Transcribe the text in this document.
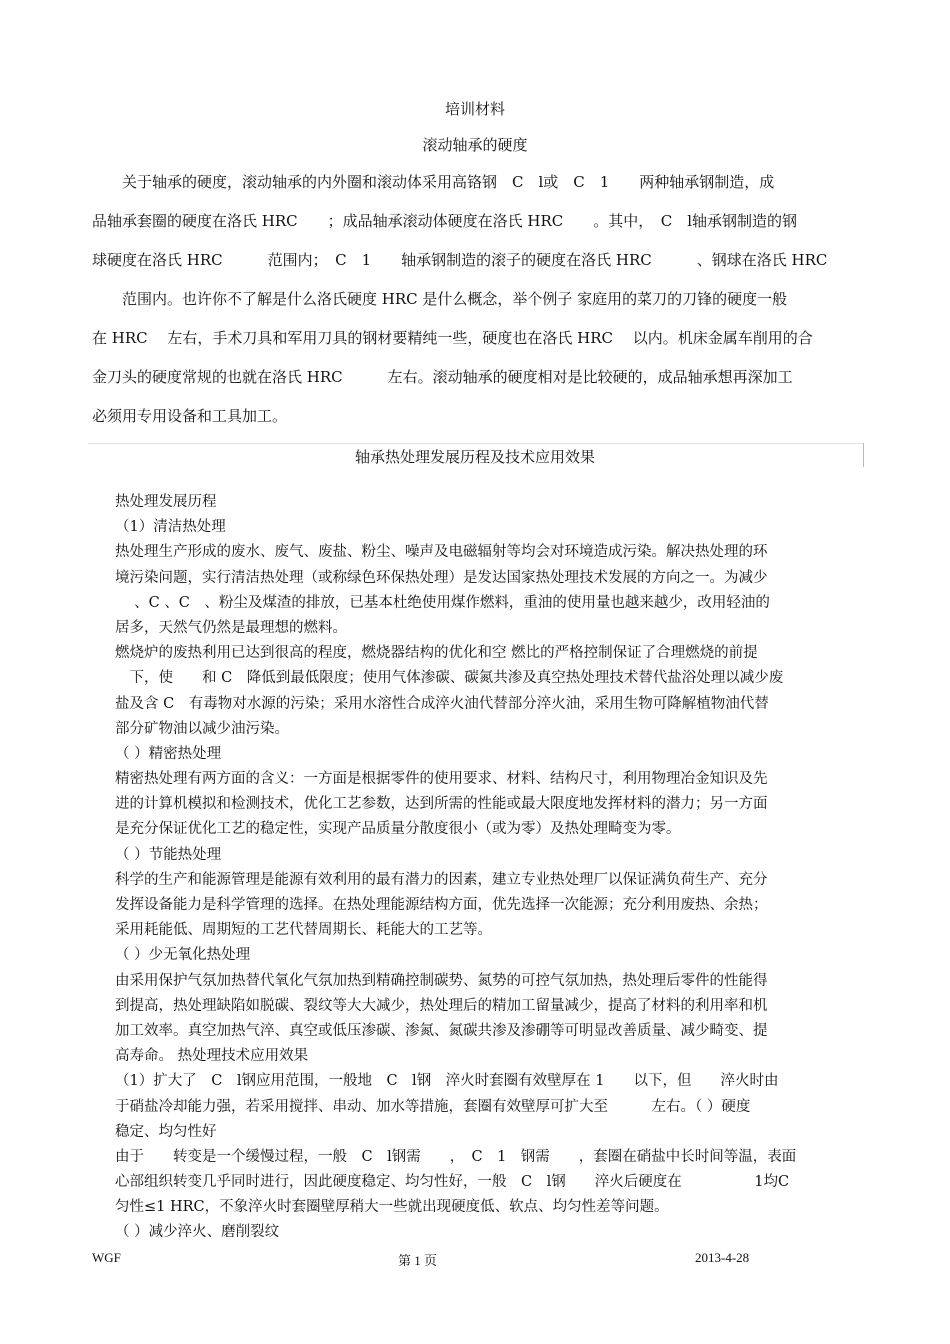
培训材料
滚动轴承的硬度
　　关于轴承的硬度，滚动轴承的内外圈和滚动体采用高铬钢　C　l或　C　1　　两种轴承钢制造，成
品轴承套圈的硬度在洛氏 HRC　　；成品轴承滚动体硬度在洛氏 HRC　　。其中，　C　l轴承钢制造的钢
球硬度在洛氏 HRC　　　范围内；　C　1　　轴承钢制造的滚子的硬度在洛氏 HRC　　　、钢球在洛氏 HRC
　　范围内。也许你不了解是什么洛氏硬度 HRC 是什么概念，举个例子 家庭用的菜刀的刀锋的硬度一般
在 HRC　 左右，手术刀具和军用刀具的钢材要精纯一些，硬度也在洛氏 HRC　 以内。机床金属车削用的合
金刀头的硬度常规的也就在洛氏 HRC　　　左右。滚动轴承的硬度相对是比较硬的，成品轴承想再深加工
必须用专用设备和工具加工。
轴承热处理发展历程及技术应用效果
热处理发展历程
（1）清洁热处理
热处理生产形成的废水、废气、废盐、粉尘、噪声及电磁辐射等均会对环境造成污染。解决热处理的环
境污染问题，实行清洁热处理（或称绿色环保热处理）是发达国家热处理技术发展的方向之一。为减少
　 、C 、C　、粉尘及煤渣的排放，已基本杜绝使用煤作燃料，重油的使用量也越来越少，改用轻油的
居多，天然气仍然是最理想的燃料。
燃烧炉的废热利用已达到很高的程度，燃烧器结构的优化和空 燃比的严格控制保证了合理燃烧的前提
　下，使　　和 C　降低到最低限度；使用气体渗碳、碳氮共渗及真空热处理技术替代盐浴处理以减少废
盐及含 C　有毒物对水源的污染；采用水溶性合成淬火油代替部分淬火油，采用生物可降解植物油代替
部分矿物油以减少油污染。
（ ）精密热处理
精密热处理有两方面的含义：一方面是根据零件的使用要求、材料、结构尺寸，利用物理冶金知识及先
进的计算机模拟和检测技术，优化工艺参数，达到所需的性能或最大限度地发挥材料的潜力；另一方面
是充分保证优化工艺的稳定性，实现产品质量分散度很小（或为零）及热处理畸变为零。
（ ）节能热处理
科学的生产和能源管理是能源有效利用的最有潜力的因素，建立专业热处理厂以保证满负荷生产、充分
发挥设备能力是科学管理的选择。在热处理能源结构方面，优先选择一次能源；充分利用废热、余热；
采用耗能低、周期短的工艺代替周期长、耗能大的工艺等。
（ ）少无氧化热处理
由采用保护气氛加热替代氧化气氛加热到精确控制碳势、氮势的可控气氛加热，热处理后零件的性能得
到提高，热处理缺陷如脱碳、裂纹等大大减少，热处理后的精加工留量减少，提高了材料的利用率和机
加工效率。真空加热气淬、真空或低压渗碳、渗氮、氮碳共渗及渗硼等可明显改善质量、减少畸变、提
高寿命。 热处理技术应用效果
（1）扩大了　C　l钢应用范围，一般地　C　l钢　淬火时套圈有效壁厚在 1　　以下，但　　淬火时由
于硝盐冷却能力强，若采用搅拌、串动、加水等措施，套圈有效壁厚可扩大至　　　左右。（ ）硬度
稳定、均匀性好
由于　　转变是一个缓慢过程，一般　C　l钢需　　，　C　1　钢需　　，套圈在硝盐中长时间等温，表面
心部组织转变几乎同时进行，因此硬度稳定、均匀性好，一般　C　l钢　　淬火后硬度在　　　　　1均C
匀性≤1 HRC，不象淬火时套圈壁厚稍大一些就出现硬度低、软点、均匀性差等问题。
（ ）减少淬火、磨削裂纹
WGF	第 1 页	2013-4-28
